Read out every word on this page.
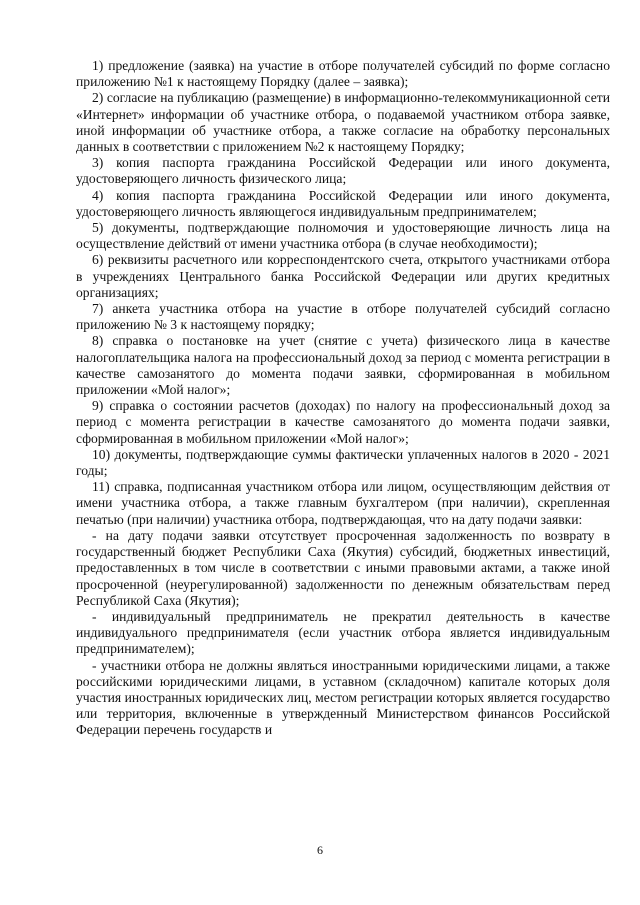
1) предложение (заявка) на участие в отборе получателей субсидий по форме согласно приложению №1 к настоящему Порядку (далее – заявка);

2) согласие на публикацию (размещение) в информационно-телекоммуникационной сети «Интернет» информации об участнике отбора, о подаваемой участником отбора заявке, иной информации об участнике отбора, а также согласие на обработку персональных данных в соответствии с приложением №2 к настоящему Порядку;

3) копия паспорта гражданина Российской Федерации или иного документа, удостоверяющего личность физического лица;

4) копия паспорта гражданина Российской Федерации или иного документа, удостоверяющего личность являющегося индивидуальным предпринимателем;

5) документы, подтверждающие полномочия и удостоверяющие личность лица на осуществление действий от имени участника отбора (в случае необходимости);

6) реквизиты расчетного или корреспондентского счета, открытого участниками отбора в учреждениях Центрального банка Российской Федерации или других кредитных организациях;

7) анкета участника отбора на участие в отборе получателей субсидий согласно приложению № 3 к настоящему порядку;

8) справка о постановке на учет (снятие с учета) физического лица в качестве налогоплательщика налога на профессиональный доход за период с момента регистрации в качестве самозанятого до момента подачи заявки, сформированная в мобильном приложении «Мой налог»;

9) справка о состоянии расчетов (доходах) по налогу на профессиональный доход за период с момента регистрации в качестве самозанятого до момента подачи заявки, сформированная в мобильном приложении «Мой налог»;

10) документы, подтверждающие суммы фактически уплаченных налогов в 2020 - 2021 годы;

11) справка, подписанная участником отбора или лицом, осуществляющим действия от имени участника отбора, а также главным бухгалтером (при наличии), скрепленная печатью (при наличии) участника отбора, подтверждающая, что на дату подачи заявки:

- на дату подачи заявки отсутствует просроченная задолженность по возврату в государственный бюджет Республики Саха (Якутия) субсидий, бюджетных инвестиций, предоставленных в том числе в соответствии с иными правовыми актами, а также иной просроченной (неурегулированной) задолженности по денежным обязательствам перед Республикой Саха (Якутия);

- индивидуальный предприниматель не прекратил деятельность в качестве индивидуального предпринимателя (если участник отбора является индивидуальным предпринимателем);

- участники отбора не должны являться иностранными юридическими лицами, а также российскими юридическими лицами, в уставном (складочном) капитале которых доля участия иностранных юридических лиц, местом регистрации которых является государство или территория, включенные в утвержденный Министерством финансов Российской Федерации перечень государств и

6
